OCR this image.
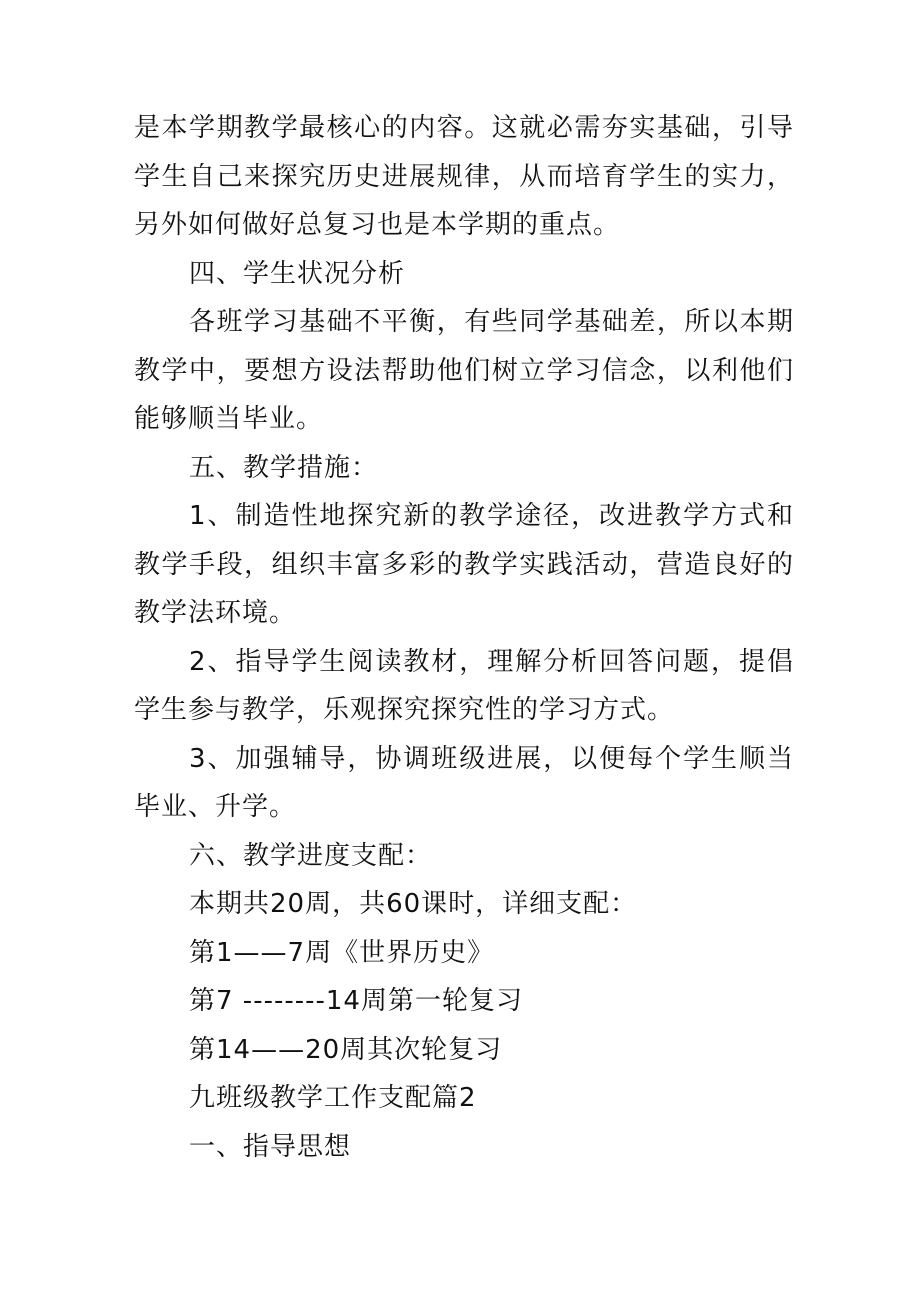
是本学期教学最核心的内容。这就必需夯实基础，引导学生自己来探究历史进展规律，从而培育学生的实力，另外如何做好总复习也是本学期的重点。

四、学生状况分析

各班学习基础不平衡，有些同学基础差，所以本期教学中，要想方设法帮助他们树立学习信念，以利他们能够顺当毕业。

五、教学措施：

1、制造性地探究新的教学途径，改进教学方式和教学手段，组织丰富多彩的教学实践活动，营造良好的教学法环境。

2、指导学生阅读教材，理解分析回答问题，提倡学生参与教学，乐观探究探究性的学习方式。

3、加强辅导，协调班级进展，以便每个学生顺当毕业、升学。

六、教学进度支配：

本期共20周，共60课时，详细支配：

第1——7周《世界历史》

第7 --------14周第一轮复习

第14——20周其次轮复习

九班级教学工作支配篇2

一、指导思想
